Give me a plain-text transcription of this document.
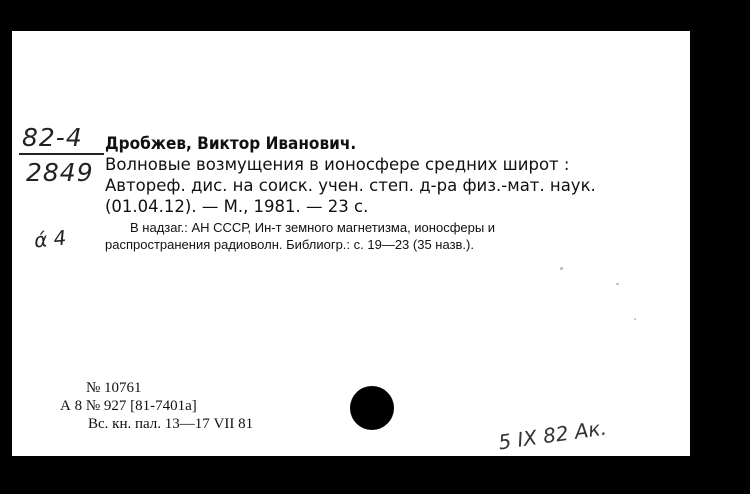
82-4
2849
ά 4
Дробжев, Виктор Иванович.
Волновые возмущения в ионосфере средних широт :
Автореф. дис. на соиск. учен. степ. д-ра физ.-мат. наук.
(01.04.12). — М., 1981. — 23 с.
В надзаг.: АН СССР, Ин-т земного магнетизма, ионосферы и
распространения радиоволн. Библиогр.: с. 19—23 (35 назв.).
№ 10761
А 8 № 927 [81-7401а]
Вс. кн. пал. 13—17 VII 81	5 IX 82 Ак.
